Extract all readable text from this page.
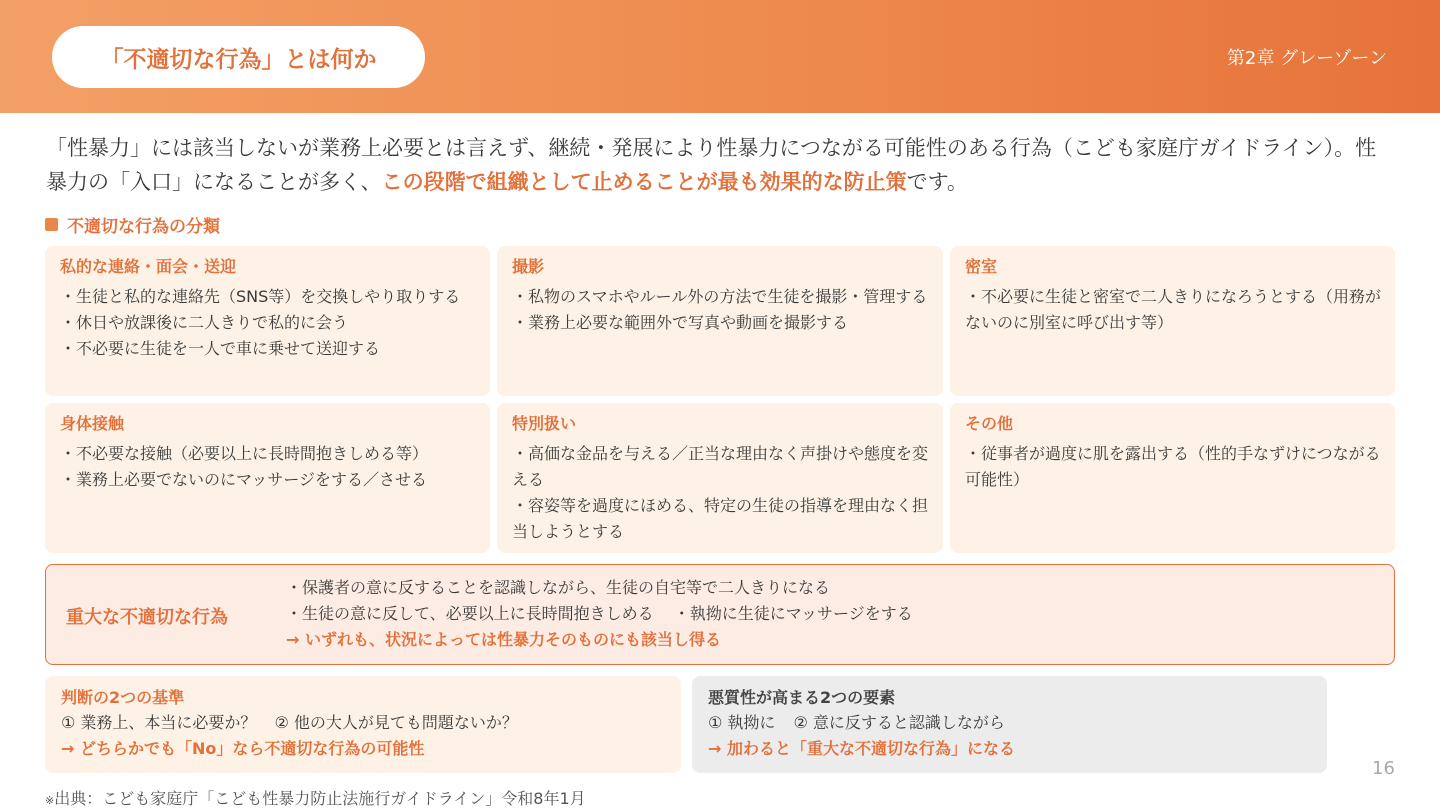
「不適切な行為」とは何か	第2章 グレーゾーン
「性暴力」には該当しないが業務上必要とは言えず、継続・発展により性暴力につながる可能性のある行為（こども家庭庁ガイドライン）。性暴力の「入口」になることが多く、この段階で組織として止めることが最も効果的な防止策です。
不適切な行為の分類
私的な連絡・面会・送迎

・生徒と私的な連絡先（SNS等）を交換しやり取りする

・休日や放課後に二人きりで私的に会う

・不必要に生徒を一人で車に乗せて送迎する

撮影

・私物のスマホやルール外の方法で生徒を撮影・管理する

・業務上必要な範囲外で写真や動画を撮影する

密室

・不必要に生徒と密室で二人きりになろうとする（用務がないのに別室に呼び出す等）

身体接触

・不必要な接触（必要以上に長時間抱きしめる等）

・業務上必要でないのにマッサージをする／させる

特別扱い

・高価な金品を与える／正当な理由なく声掛けや態度を変える

・容姿等を過度にほめる、特定の生徒の指導を理由なく担当しようとする

その他

・従事者が過度に肌を露出する（性的手なずけにつながる可能性）

重大な不適切な行為
・保護者の意に反することを認識しながら、生徒の自宅等で二人きりになる
・生徒の意に反して、必要以上に長時間抱きしめる ・執拗に生徒にマッサージをする
→ いずれも、状況によっては性暴力そのものにも該当し得る
判断の2つの基準

① 業務上、本当に必要か？ ② 他の大人が見ても問題ないか？

→ どちらかでも「No」なら不適切な行為の可能性

悪質性が高まる2つの要素

① 執拗に ② 意に反すると認識しながら

→ 加わると「重大な不適切な行為」になる

16
※出典：こども家庭庁「こども性暴力防止法施行ガイドライン」令和8年1月
